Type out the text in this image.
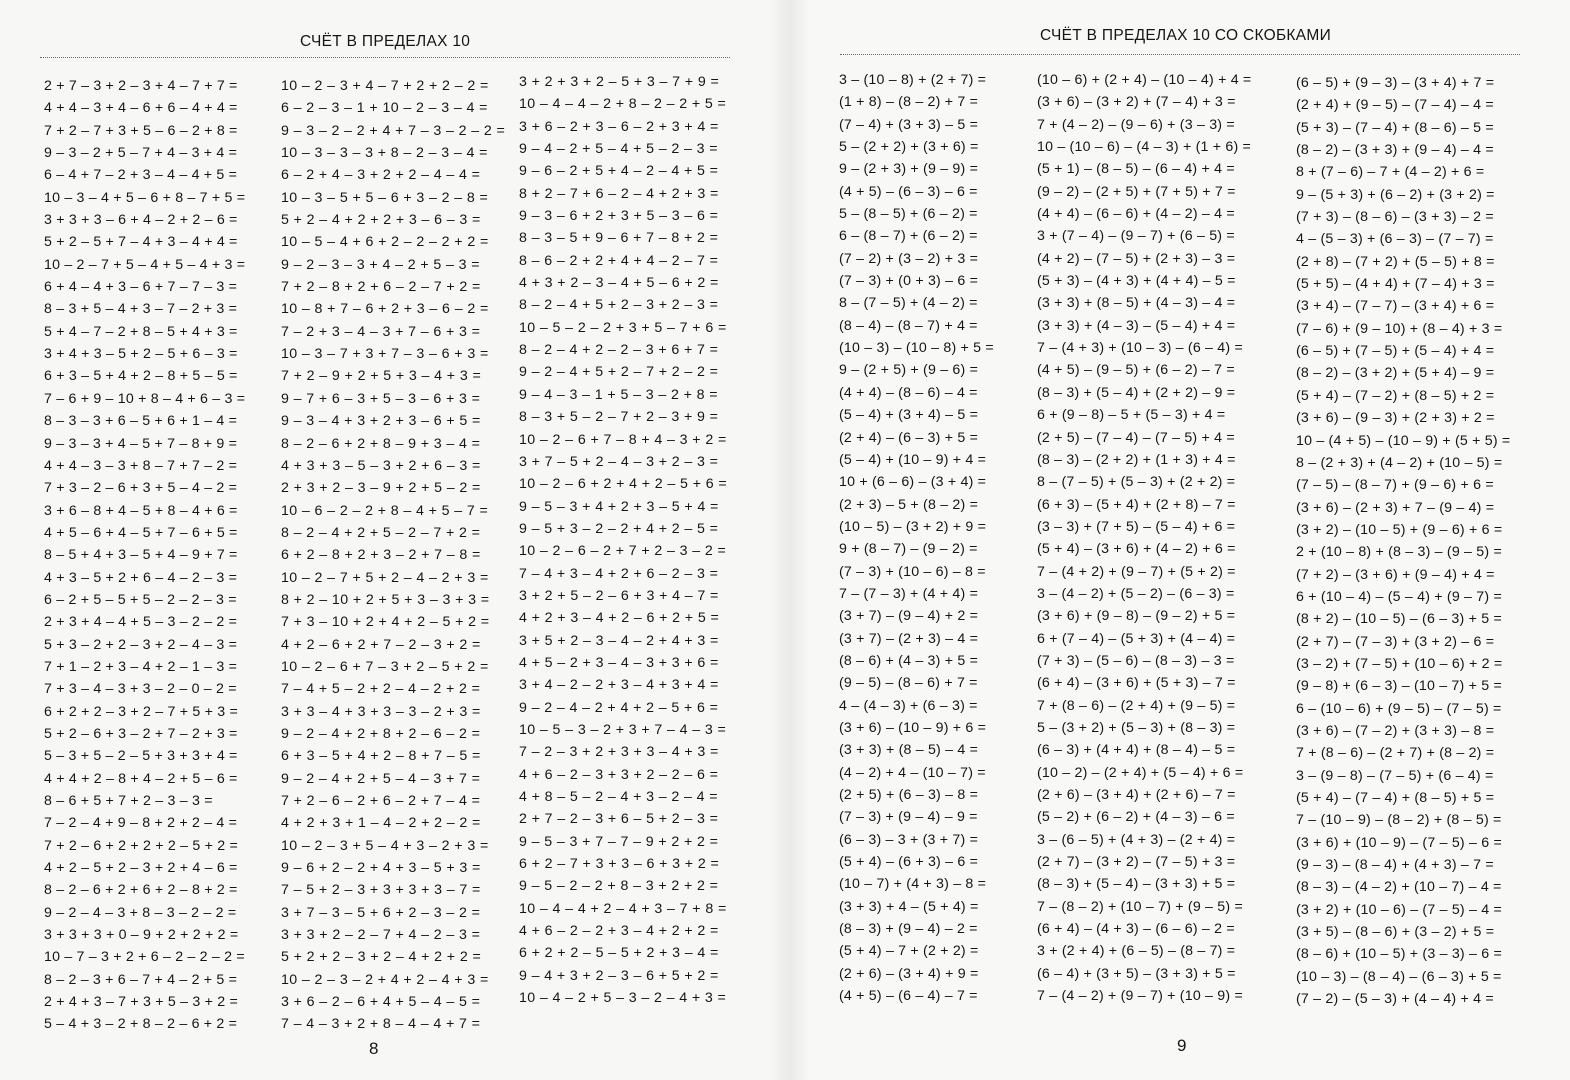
СЧЁТ В ПРЕДЕЛАХ 10
2 + 7 – 3 + 2 – 3 + 4 – 7 + 7 =
4 + 4 – 3 + 4 – 6 + 6 – 4 + 4 =
7 + 2 – 7 + 3 + 5 – 6 – 2 + 8 =
9 – 3 – 2 + 5 – 7 + 4 – 3 + 4 =
6 – 4 + 7 – 2 + 3 – 4 – 4 + 5 =
10 – 3 – 4 + 5 – 6 + 8 – 7 + 5 =
3 + 3 + 3 – 6 + 4 – 2 + 2 – 6 =
5 + 2 – 5 + 7 – 4 + 3 – 4 + 4 =
10 – 2 – 7 + 5 – 4 + 5 – 4 + 3 =
6 + 4 – 4 + 3 – 6 + 7 – 7 – 3 =
8 – 3 + 5 – 4 + 3 – 7 – 2 + 3 =
5 + 4 – 7 – 2 + 8 – 5 + 4 + 3 =
3 + 4 + 3 – 5 + 2 – 5 + 6 – 3 =
6 + 3 – 5 + 4 + 2 – 8 + 5 – 5 =
7 – 6 + 9 – 10 + 8 – 4 + 6 – 3 =
8 – 3 – 3 + 6 – 5 + 6 + 1 – 4 =
9 – 3 – 3 + 4 – 5 + 7 – 8 + 9 =
4 + 4 – 3 – 3 + 8 – 7 + 7 – 2 =
7 + 3 – 2 – 6 + 3 + 5 – 4 – 2 =
3 + 6 – 8 + 4 – 5 + 8 – 4 + 6 =
4 + 5 – 6 + 4 – 5 + 7 – 6 + 5 =
8 – 5 + 4 + 3 – 5 + 4 – 9 + 7 =
4 + 3 – 5 + 2 + 6 – 4 – 2 – 3 =
6 – 2 + 5 – 5 + 5 – 2 – 2 – 3 =
2 + 3 + 4 – 4 + 5 – 3 – 2 – 2 =
5 + 3 – 2 + 2 – 3 + 2 – 4 – 3 =
7 + 1 – 2 + 3 – 4 + 2 – 1 – 3 =
7 + 3 – 4 – 3 + 3 – 2 – 0 – 2 =
6 + 2 + 2 – 3 + 2 – 7 + 5 + 3 =
5 + 2 – 6 + 3 – 2 + 7 – 2 + 3 =
5 – 3 + 5 – 2 – 5 + 3 + 3 + 4 =
4 + 4 + 2 – 8 + 4 – 2 + 5 – 6 =
8 – 6 + 5 + 7 + 2 – 3 – 3 =
7 – 2 – 4 + 9 – 8 + 2 + 2 – 4 =
7 + 2 – 6 + 2 + 2 + 2 – 5 + 2 =
4 + 2 – 5 + 2 – 3 + 2 + 4 – 6 =
8 – 2 – 6 + 2 + 6 + 2 – 8 + 2 =
9 – 2 – 4 – 3 + 8 – 3 – 2 – 2 =
3 + 3 + 3 + 0 – 9 + 2 + 2 + 2 =
10 – 7 – 3 + 2 + 6 – 2 – 2 – 2 =
8 – 2 – 3 + 6 – 7 + 4 – 2 + 5 =
2 + 4 + 3 – 7 + 3 + 5 – 3 + 2 =
5 – 4 + 3 – 2 + 8 – 2 – 6 + 2 =
10 – 2 – 3 + 4 – 7 + 2 + 2 – 2 =
6 – 2 – 3 – 1 + 10 – 2 – 3 – 4 =
9 – 3 – 2 – 2 + 4 + 7 – 3 – 2 – 2 =
10 – 3 – 3 – 3 + 8 – 2 – 3 – 4 =
6 – 2 + 4 – 3 + 2 + 2 – 4 – 4 =
10 – 3 – 5 + 5 – 6 + 3 – 2 – 8 =
5 + 2 – 4 + 2 + 2 + 3 – 6 – 3 =
10 – 5 – 4 + 6 + 2 – 2 – 2 + 2 =
9 – 2 – 3 – 3 + 4 – 2 + 5 – 3 =
7 + 2 – 8 + 2 + 6 – 2 – 7 + 2 =
10 – 8 + 7 – 6 + 2 + 3 – 6 – 2 =
7 – 2 + 3 – 4 – 3 + 7 – 6 + 3 =
10 – 3 – 7 + 3 + 7 – 3 – 6 + 3 =
7 + 2 – 9 + 2 + 5 + 3 – 4 + 3 =
9 – 7 + 6 – 3 + 5 – 3 – 6 + 3 =
9 – 3 – 4 + 3 + 2 + 3 – 6 + 5 =
8 – 2 – 6 + 2 + 8 – 9 + 3 – 4 =
4 + 3 + 3 – 5 – 3 + 2 + 6 – 3 =
2 + 3 + 2 – 3 – 9 + 2 + 5 – 2 =
10 – 6 – 2 – 2 + 8 – 4 + 5 – 7 =
8 – 2 – 4 + 2 + 5 – 2 – 7 + 2 =
6 + 2 – 8 + 2 + 3 – 2 + 7 – 8 =
10 – 2 – 7 + 5 + 2 – 4 – 2 + 3 =
8 + 2 – 10 + 2 + 5 + 3 – 3 + 3 =
7 + 3 – 10 + 2 + 4 + 2 – 5 + 2 =
4 + 2 – 6 + 2 + 7 – 2 – 3 + 2 =
10 – 2 – 6 + 7 – 3 + 2 – 5 + 2 =
7 – 4 + 5 – 2 + 2 – 4 – 2 + 2 =
3 + 3 – 4 + 3 + 3 – 3 – 2 + 3 =
9 – 2 – 4 + 2 + 8 + 2 – 6 – 2 =
6 + 3 – 5 + 4 + 2 – 8 + 7 – 5 =
9 – 2 – 4 + 2 + 5 – 4 – 3 + 7 =
7 + 2 – 6 – 2 + 6 – 2 + 7 – 4 =
4 + 2 + 3 + 1 – 4 – 2 + 2 – 2 =
10 – 2 – 3 + 5 – 4 + 3 – 2 + 3 =
9 – 6 + 2 – 2 + 4 + 3 – 5 + 3 =
7 – 5 + 2 – 3 + 3 + 3 + 3 – 7 =
3 + 7 – 3 – 5 + 6 + 2 – 3 – 2 =
3 + 3 + 2 – 2 – 7 + 4 – 2 – 3 =
5 + 2 + 2 – 3 + 2 – 4 + 2 + 2 =
10 – 2 – 3 – 2 + 4 + 2 – 4 + 3 =
3 + 6 – 2 – 6 + 4 + 5 – 4 – 5 =
7 – 4 – 3 + 2 + 8 – 4 – 4 + 7 =
3 + 2 + 3 + 2 – 5 + 3 – 7 + 9 =
10 – 4 – 4 – 2 + 8 – 2 – 2 + 5 =
3 + 6 – 2 + 3 – 6 – 2 + 3 + 4 =
9 – 4 – 2 + 5 – 4 + 5 – 2 – 3 =
9 – 6 – 2 + 5 + 4 – 2 – 4 + 5 =
8 + 2 – 7 + 6 – 2 – 4 + 2 + 3 =
9 – 3 – 6 + 2 + 3 + 5 – 3 – 6 =
8 – 3 – 5 + 9 – 6 + 7 – 8 + 2 =
8 – 6 – 2 + 2 + 4 + 4 – 2 – 7 =
4 + 3 + 2 – 3 – 4 + 5 – 6 + 2 =
8 – 2 – 4 + 5 + 2 – 3 + 2 – 3 =
10 – 5 – 2 – 2 + 3 + 5 – 7 + 6 =
8 – 2 – 4 + 2 – 2 – 3 + 6 + 7 =
9 – 2 – 4 + 5 + 2 – 7 + 2 – 2 =
9 – 4 – 3 – 1 + 5 – 3 – 2 + 8 =
8 – 3 + 5 – 2 – 7 + 2 – 3 + 9 =
10 – 2 – 6 + 7 – 8 + 4 – 3 + 2 =
3 + 7 – 5 + 2 – 4 – 3 + 2 – 3 =
10 – 2 – 6 + 2 + 4 + 2 – 5 + 6 =
9 – 5 – 3 + 4 + 2 + 3 – 5 + 4 =
9 – 5 + 3 – 2 – 2 + 4 + 2 – 5 =
10 – 2 – 6 – 2 + 7 + 2 – 3 – 2 =
7 – 4 + 3 – 4 + 2 + 6 – 2 – 3 =
3 + 2 + 5 – 2 – 6 + 3 + 4 – 7 =
4 + 2 + 3 – 4 + 2 – 6 + 2 + 5 =
3 + 5 + 2 – 3 – 4 – 2 + 4 + 3 =
4 + 5 – 2 + 3 – 4 – 3 + 3 + 6 =
3 + 4 – 2 – 2 + 3 – 4 + 3 + 4 =
9 – 2 – 4 – 2 + 4 + 2 – 5 + 6 =
10 – 5 – 3 – 2 + 3 + 7 – 4 – 3 =
7 – 2 – 3 + 2 + 3 + 3 – 4 + 3 =
4 + 6 – 2 – 3 + 3 + 2 – 2 – 6 =
4 + 8 – 5 – 2 – 4 + 3 – 2 – 4 =
2 + 7 – 2 – 3 + 6 – 5 + 2 – 3 =
9 – 5 – 3 + 7 – 7 – 9 + 2 + 2 =
6 + 2 – 7 + 3 + 3 – 6 + 3 + 2 =
9 – 5 – 2 – 2 + 8 – 3 + 2 + 2 =
10 – 4 – 4 + 2 – 4 + 3 – 7 + 8 =
4 + 6 – 2 – 2 + 3 – 4 + 2 + 2 =
6 + 2 + 2 – 5 – 5 + 2 + 3 – 4 =
9 – 4 + 3 + 2 – 3 – 6 + 5 + 2 =
10 – 4 – 2 + 5 – 3 – 2 – 4 + 3 =
8
СЧЁТ В ПРЕДЕЛАХ 10 СО СКОБКАМИ
3 – (10 – 8) + (2 + 7) =
(1 + 8) – (8 – 2) + 7 =
(7 – 4) + (3 + 3) – 5 =
5 – (2 + 2) + (3 + 6) =
9 – (2 + 3) + (9 – 9) =
(4 + 5) – (6 – 3) – 6 =
5 – (8 – 5) + (6 – 2) =
6 – (8 – 7) + (6 – 2) =
(7 – 2) + (3 – 2) + 3 =
(7 – 3) + (0 + 3) – 6 =
8 – (7 – 5) + (4 – 2) =
(8 – 4) – (8 – 7) + 4 =
(10 – 3) – (10 – 8) + 5 =
9 – (2 + 5) + (9 – 6) =
(4 + 4) – (8 – 6) – 4 =
(5 – 4) + (3 + 4) – 5 =
(2 + 4) – (6 – 3) + 5 =
(5 – 4) + (10 – 9) + 4 =
10 + (6 – 6) – (3 + 4) =
(2 + 3) – 5 + (8 – 2) =
(10 – 5) – (3 + 2) + 9 =
9 + (8 – 7) – (9 – 2) =
(7 – 3) + (10 – 6) – 8 =
7 – (7 – 3) + (4 + 4) =
(3 + 7) – (9 – 4) + 2 =
(3 + 7) – (2 + 3) – 4 =
(8 – 6) + (4 – 3) + 5 =
(9 – 5) – (8 – 6) + 7 =
4 – (4 – 3) + (6 – 3) =
(3 + 6) – (10 – 9) + 6 =
(3 + 3) + (8 – 5) – 4 =
(4 – 2) + 4 – (10 – 7) =
(2 + 5) + (6 – 3) – 8 =
(7 – 3) + (9 – 4) – 9 =
(6 – 3) – 3 + (3 + 7) =
(5 + 4) – (6 + 3) – 6 =
(10 – 7) + (4 + 3) – 8 =
(3 + 3) + 4 – (5 + 4) =
(8 – 3) + (9 – 4) – 2 =
(5 + 4) – 7 + (2 + 2) =
(2 + 6) – (3 + 4) + 9 =
(4 + 5) – (6 – 4) – 7 =
(10 – 6) + (2 + 4) – (10 – 4) + 4 =
(3 + 6) – (3 + 2) + (7 – 4) + 3 =
7 + (4 – 2) – (9 – 6) + (3 – 3) =
10 – (10 – 6) – (4 – 3) + (1 + 6) =
(5 + 1) – (8 – 5) – (6 – 4) + 4 =
(9 – 2) – (2 + 5) + (7 + 5) + 7 =
(4 + 4) – (6 – 6) + (4 – 2) – 4 =
3 + (7 – 4) – (9 – 7) + (6 – 5) =
(4 + 2) – (7 – 5) + (2 + 3) – 3 =
(5 + 3) – (4 + 3) + (4 + 4) – 5 =
(3 + 3) + (8 – 5) + (4 – 3) – 4 =
(3 + 3) + (4 – 3) – (5 – 4) + 4 =
7 – (4 + 3) + (10 – 3) – (6 – 4) =
(4 + 5) – (9 – 5) + (6 – 2) – 7 =
(8 – 3) + (5 – 4) + (2 + 2) – 9 =
6 + (9 – 8) – 5 + (5 – 3) + 4 =
(2 + 5) – (7 – 4) – (7 – 5) + 4 =
(8 – 3) – (2 + 2) + (1 + 3) + 4 =
8 – (7 – 5) + (5 – 3) + (2 + 2) =
(6 + 3) – (5 + 4) + (2 + 8) – 7 =
(3 – 3) + (7 + 5) – (5 – 4) + 6 =
(5 + 4) – (3 + 6) + (4 – 2) + 6 =
7 – (4 + 2) + (9 – 7) + (5 + 2) =
3 – (4 – 2) + (5 – 2) – (6 – 3) =
(3 + 6) + (9 – 8) – (9 – 2) + 5 =
6 + (7 – 4) – (5 + 3) + (4 – 4) =
(7 + 3) – (5 – 6) – (8 – 3) – 3 =
(6 + 4) – (3 + 6) + (5 + 3) – 7 =
7 + (8 – 6) – (2 + 4) + (9 – 5) =
5 – (3 + 2) + (5 – 3) + (8 – 3) =
(6 – 3) + (4 + 4) + (8 – 4) – 5 =
(10 – 2) – (2 + 4) + (5 – 4) + 6 =
(2 + 6) – (3 + 4) + (2 + 6) – 7 =
(5 – 2) + (6 – 2) + (4 – 3) – 6 =
3 – (6 – 5) + (4 + 3) – (2 + 4) =
(2 + 7) – (3 + 2) – (7 – 5) + 3 =
(8 – 3) + (5 – 4) – (3 + 3) + 5 =
7 – (8 – 2) + (10 – 7) + (9 – 5) =
(6 + 4) – (4 + 3) – (6 – 6) – 2 =
3 + (2 + 4) + (6 – 5) – (8 – 7) =
(6 – 4) + (3 + 5) – (3 + 3) + 5 =
7 – (4 – 2) + (9 – 7) + (10 – 9) =
(6 – 5) + (9 – 3) – (3 + 4) + 7 =
(2 + 4) + (9 – 5) – (7 – 4) – 4 =
(5 + 3) – (7 – 4) + (8 – 6) – 5 =
(8 – 2) – (3 + 3) + (9 – 4) – 4 =
8 + (7 – 6) – 7 + (4 – 2) + 6 =
9 – (5 + 3) + (6 – 2) + (3 + 2) =
(7 + 3) – (8 – 6) – (3 + 3) – 2 =
4 – (5 – 3) + (6 – 3) – (7 – 7) =
(2 + 8) – (7 + 2) + (5 – 5) + 8 =
(5 + 5) – (4 + 4) + (7 – 4) + 3 =
(3 + 4) – (7 – 7) – (3 + 4) + 6 =
(7 – 6) + (9 – 10) + (8 – 4) + 3 =
(6 – 5) + (7 – 5) + (5 – 4) + 4 =
(8 – 2) – (3 + 2) + (5 + 4) – 9 =
(5 + 4) – (7 – 2) + (8 – 5) + 2 =
(3 + 6) – (9 – 3) + (2 + 3) + 2 =
10 – (4 + 5) – (10 – 9) + (5 + 5) =
8 – (2 + 3) + (4 – 2) + (10 – 5) =
(7 – 5) – (8 – 7) + (9 – 6) + 6 =
(3 + 6) – (2 + 3) + 7 – (9 – 4) =
(3 + 2) – (10 – 5) + (9 – 6) + 6 =
2 + (10 – 8) + (8 – 3) – (9 – 5) =
(7 + 2) – (3 + 6) + (9 – 4) + 4 =
6 + (10 – 4) – (5 – 4) + (9 – 7) =
(8 + 2) – (10 – 5) – (6 – 3) + 5 =
(2 + 7) – (7 – 3) + (3 + 2) – 6 =
(3 – 2) + (7 – 5) + (10 – 6) + 2 =
(9 – 8) + (6 – 3) – (10 – 7) + 5 =
6 – (10 – 6) + (9 – 5) – (7 – 5) =
(3 + 6) – (7 – 2) + (3 + 3) – 8 =
7 + (8 – 6) – (2 + 7) + (8 – 2) =
3 – (9 – 8) – (7 – 5) + (6 – 4) =
(5 + 4) – (7 – 4) + (8 – 5) + 5 =
7 – (10 – 9) – (8 – 2) + (8 – 5) =
(3 + 6) + (10 – 9) – (7 – 5) – 6 =
(9 – 3) – (8 – 4) + (4 + 3) – 7 =
(8 – 3) – (4 – 2) + (10 – 7) – 4 =
(3 + 2) + (10 – 6) – (7 – 5) – 4 =
(3 + 5) – (8 – 6) + (3 – 2) + 5 =
(8 – 6) + (10 – 5) + (3 – 3) – 6 =
(10 – 3) – (8 – 4) – (6 – 3) + 5 =
(7 – 2) – (5 – 3) + (4 – 4) + 4 =
9
